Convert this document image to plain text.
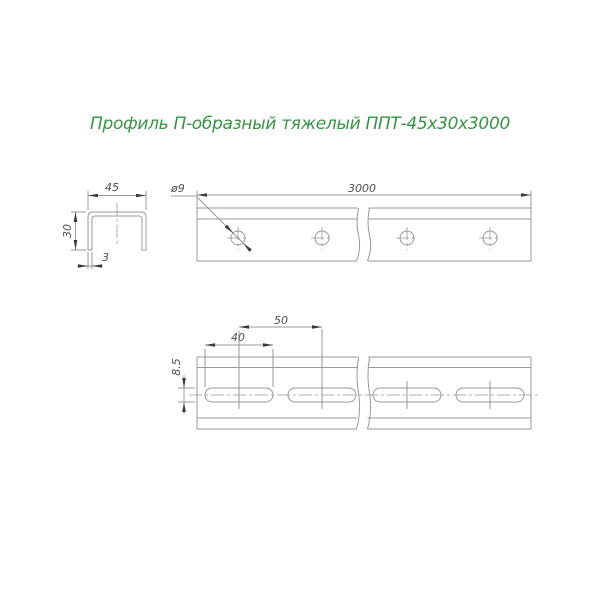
Профиль П-образный тяжелый ППТ-45х30х3000
45
30
3
3000
ø9
50
40
8.5
